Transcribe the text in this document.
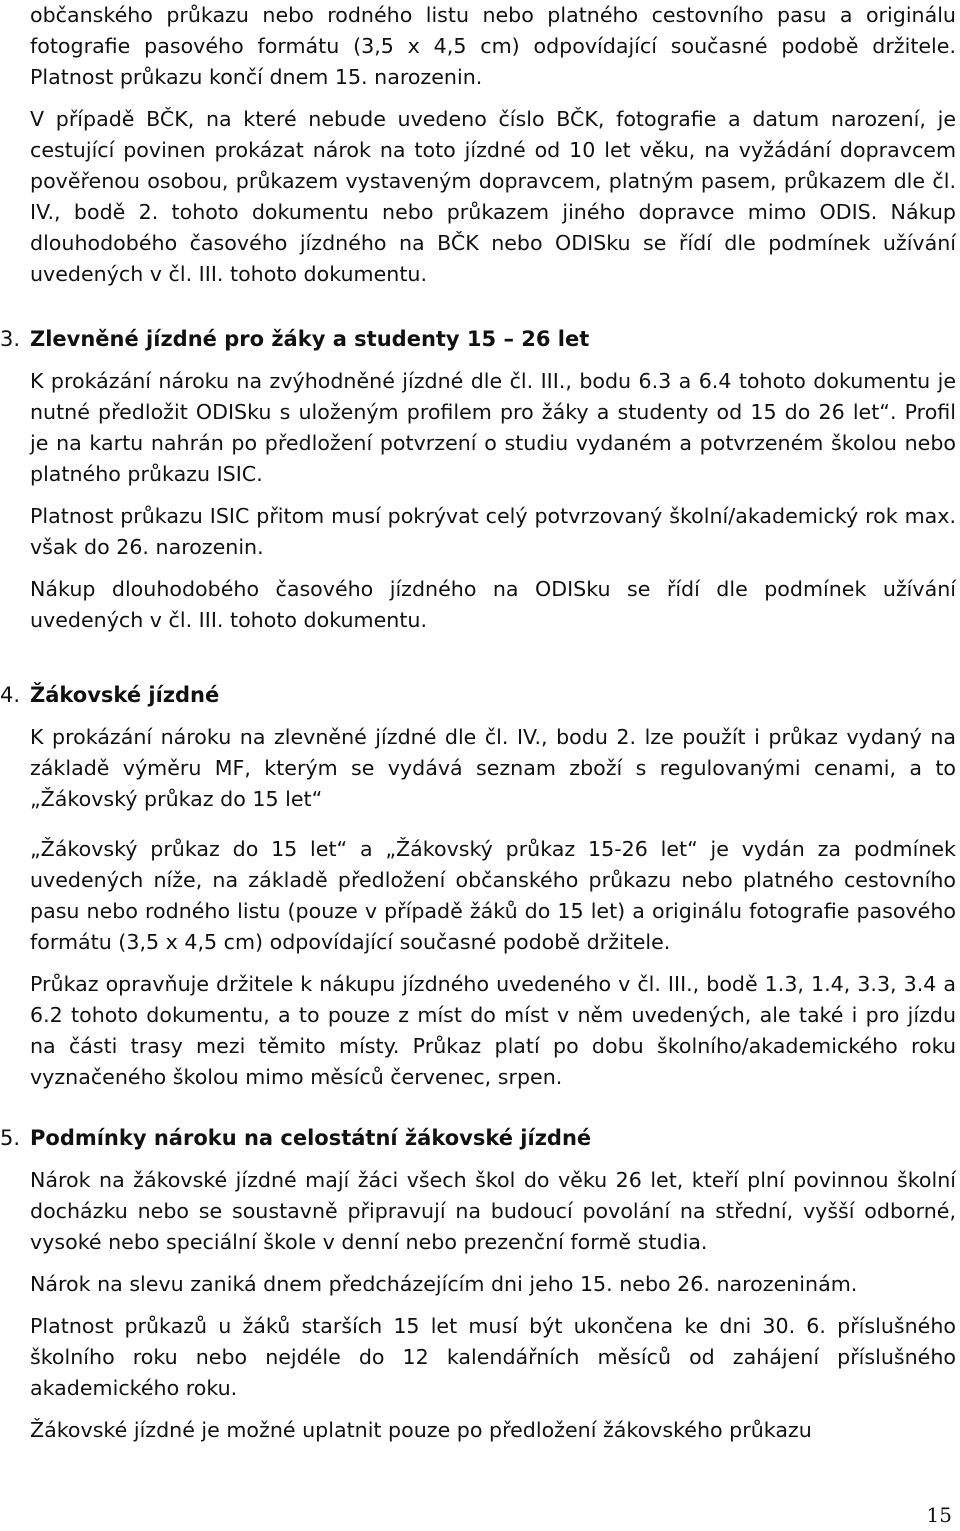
občanského průkazu nebo rodného listu nebo platného cestovního pasu a originálu fotografie pasového formátu (3,5 x 4,5 cm) odpovídající současné podobě držitele. Platnost průkazu končí dnem 15. narozenin.

V případě BČK, na které nebude uvedeno číslo BČK, fotografie a datum narození, je cestující povinen prokázat nárok na toto jízdné od 10 let věku, na vyžádání dopravcem pověřenou osobou, průkazem vystaveným dopravcem, platným pasem, průkazem dle čl. IV., bodě 2. tohoto dokumentu nebo průkazem jiného dopravce mimo ODIS. Nákup dlouhodobého časového jízdného na BČK nebo ODISku se řídí dle podmínek užívání uvedených v čl. III. tohoto dokumentu.

3. Zlevněné jízdné pro žáky a studenty 15 – 26 let

K prokázání nároku na zvýhodněné jízdné dle čl. III., bodu 6.3 a 6.4 tohoto dokumentu je nutné předložit ODISku s uloženým profilem pro žáky a studenty od 15 do 26 let“. Profil je na kartu nahrán po předložení potvrzení o studiu vydaném a potvrzeném školou nebo platného průkazu ISIC.

Platnost průkazu ISIC přitom musí pokrývat celý potvrzovaný školní/akademický rok max. však do 26. narozenin.

Nákup dlouhodobého časového jízdného na ODISku se řídí dle podmínek užívání uvedených v čl. III. tohoto dokumentu.

4. Žákovské jízdné

K prokázání nároku na zlevněné jízdné dle čl. IV., bodu 2. lze použít i průkaz vydaný na základě výměru MF, kterým se vydává seznam zboží s regulovanými cenami, a to „Žákovský průkaz do 15 let“

„Žákovský průkaz do 15 let“ a „Žákovský průkaz 15-26 let“ je vydán za podmínek uvedených níže, na základě předložení občanského průkazu nebo platného cestovního pasu nebo rodného listu (pouze v případě žáků do 15 let) a originálu fotografie pasového formátu (3,5 x 4,5 cm) odpovídající současné podobě držitele.

Průkaz opravňuje držitele k nákupu jízdného uvedeného v čl. III., bodě 1.3, 1.4, 3.3, 3.4 a 6.2 tohoto dokumentu, a to pouze z míst do míst v něm uvedených, ale také i pro jízdu na části trasy mezi těmito místy. Průkaz platí po dobu školního/akademického roku vyznačeného školou mimo měsíců červenec, srpen.

5. Podmínky nároku na celostátní žákovské jízdné

Nárok na žákovské jízdné mají žáci všech škol do věku 26 let, kteří plní povinnou školní docházku nebo se soustavně připravují na budoucí povolání na střední, vyšší odborné, vysoké nebo speciální škole v denní nebo prezenční formě studia.

Nárok na slevu zaniká dnem předcházejícím dni jeho 15. nebo 26. narozeninám.

Platnost průkazů u žáků starších 15 let musí být ukončena ke dni 30. 6. příslušného školního roku nebo nejdéle do 12 kalendářních měsíců od zahájení příslušného akademického roku.

Žákovské jízdné je možné uplatnit pouze po předložení žákovského průkazu

15
